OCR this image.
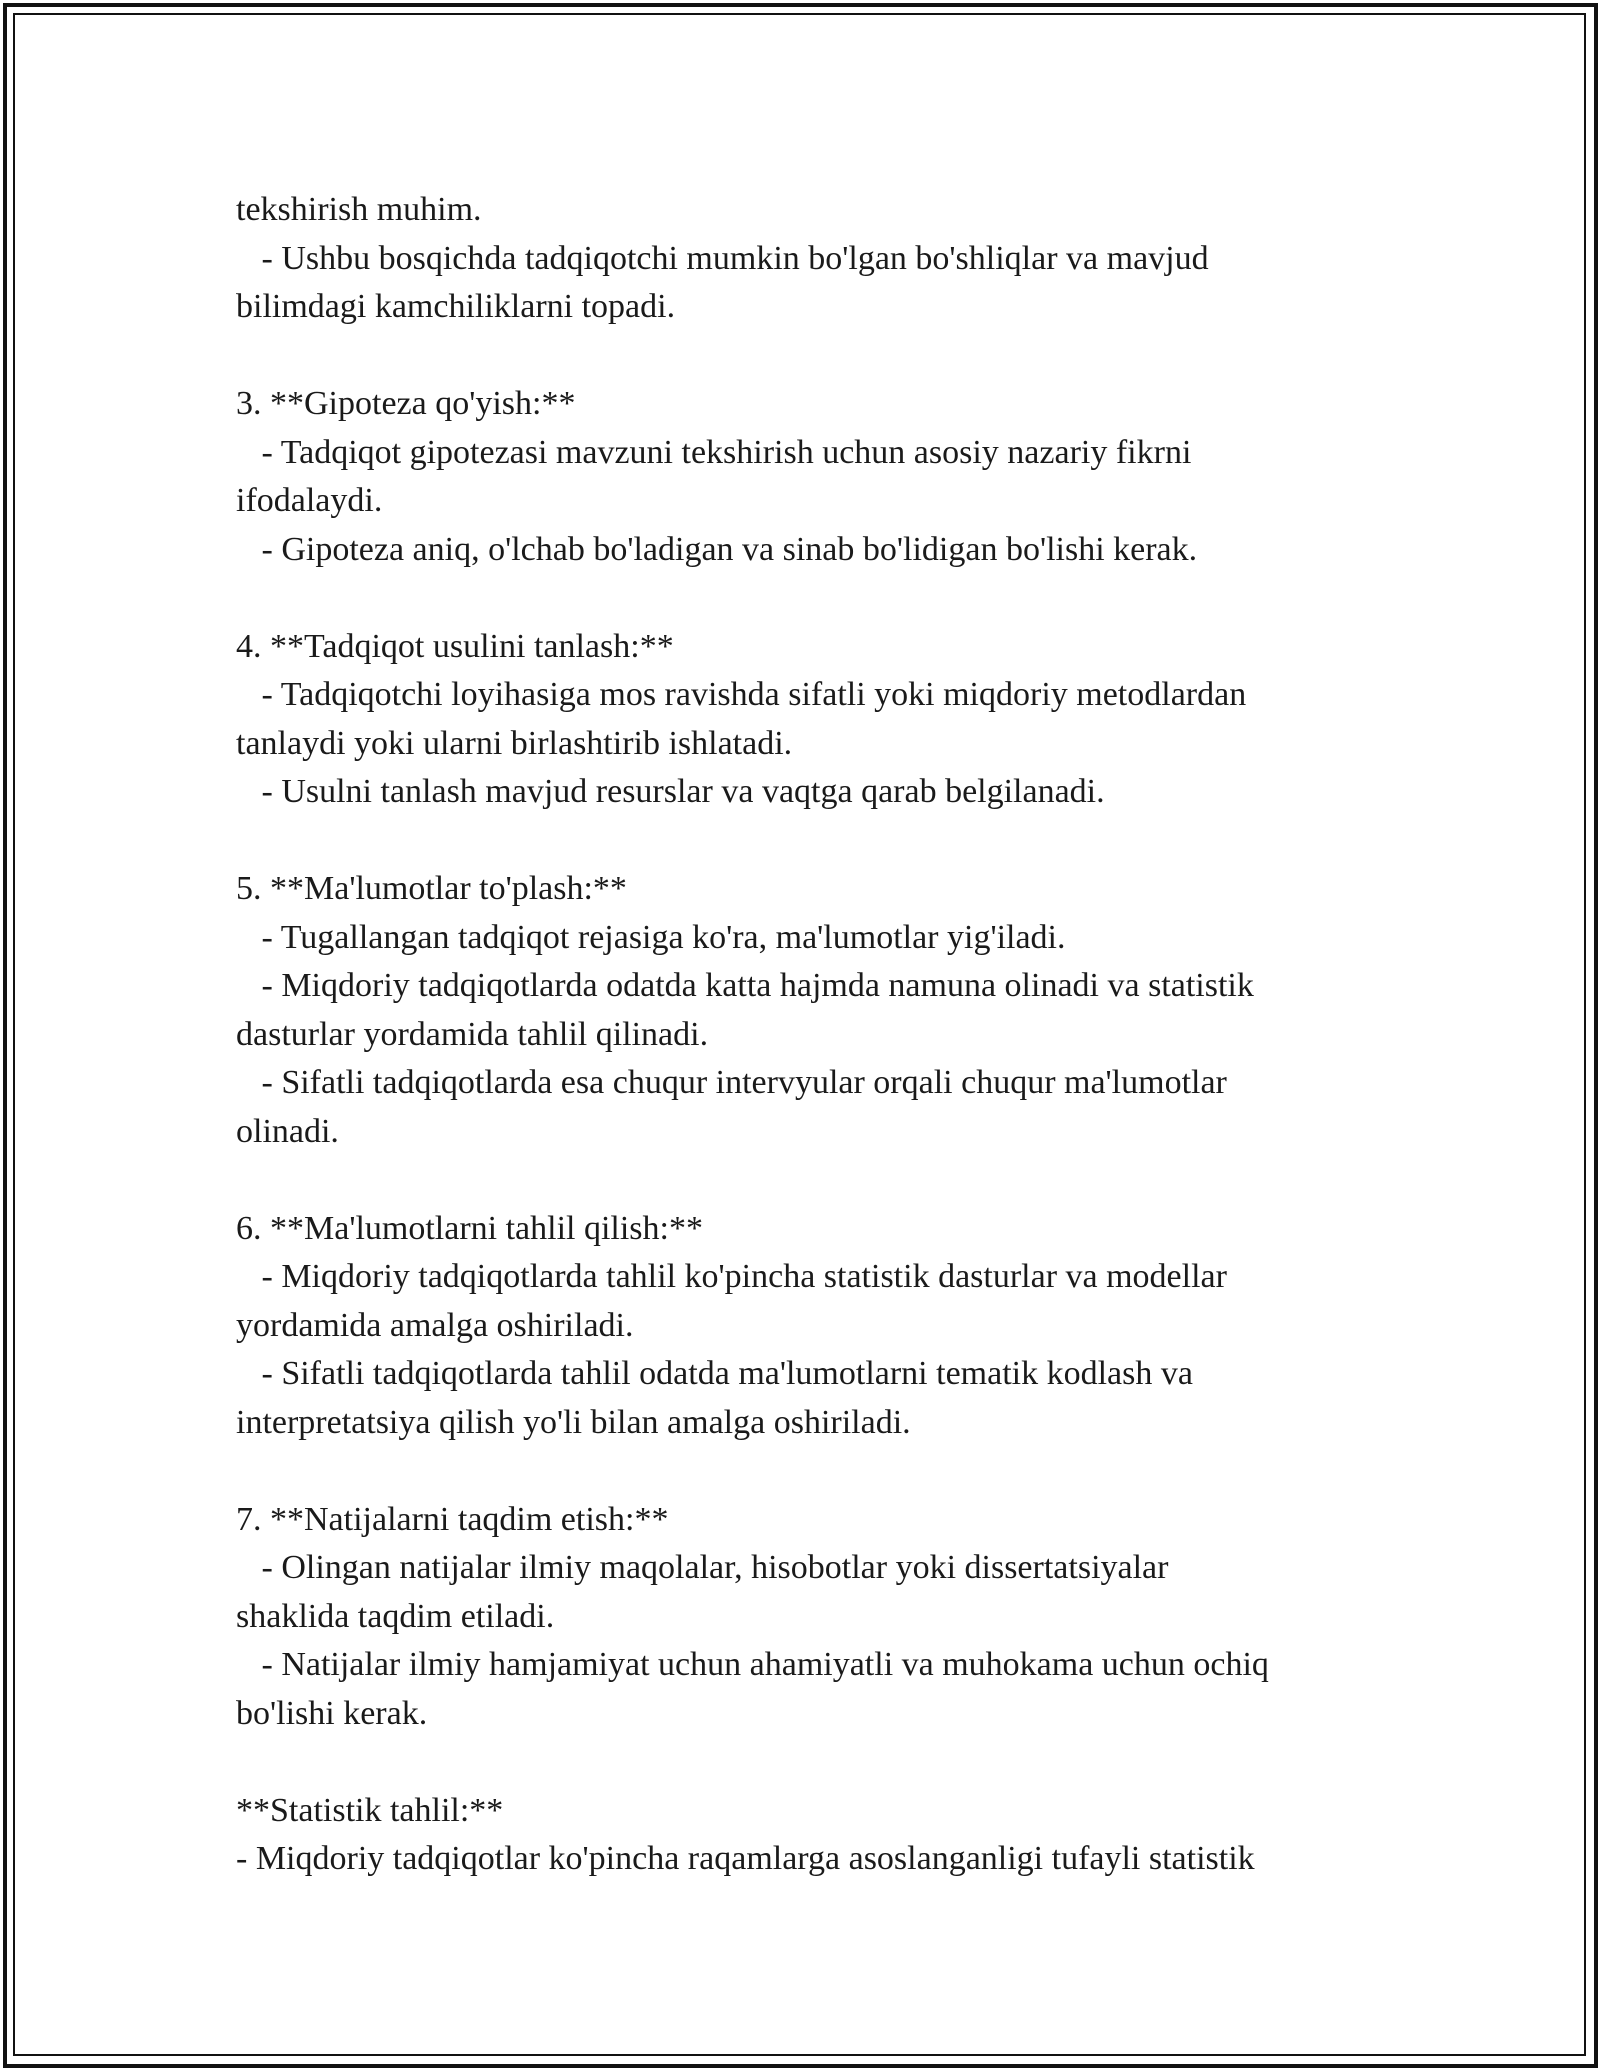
tekshirish muhim.
- Ushbu bosqichda tadqiqotchi mumkin bo'lgan bo'shliqlar va mavjud
bilimdagi kamchiliklarni topadi.
3. **Gipoteza qo'yish:**
- Tadqiqot gipotezasi mavzuni tekshirish uchun asosiy nazariy fikrni
ifodalaydi.
- Gipoteza aniq, o'lchab bo'ladigan va sinab bo'lidigan bo'lishi kerak.
4. **Tadqiqot usulini tanlash:**
- Tadqiqotchi loyihasiga mos ravishda sifatli yoki miqdoriy metodlardan
tanlaydi yoki ularni birlashtirib ishlatadi.
- Usulni tanlash mavjud resurslar va vaqtga qarab belgilanadi.
5. **Ma'lumotlar to'plash:**
- Tugallangan tadqiqot rejasiga ko'ra, ma'lumotlar yig'iladi.
- Miqdoriy tadqiqotlarda odatda katta hajmda namuna olinadi va statistik
dasturlar yordamida tahlil qilinadi.
- Sifatli tadqiqotlarda esa chuqur intervyular orqali chuqur ma'lumotlar
olinadi.
6. **Ma'lumotlarni tahlil qilish:**
- Miqdoriy tadqiqotlarda tahlil ko'pincha statistik dasturlar va modellar
yordamida amalga oshiriladi.
- Sifatli tadqiqotlarda tahlil odatda ma'lumotlarni tematik kodlash va
interpretatsiya qilish yo'li bilan amalga oshiriladi.
7. **Natijalarni taqdim etish:**
- Olingan natijalar ilmiy maqolalar, hisobotlar yoki dissertatsiyalar
shaklida taqdim etiladi.
- Natijalar ilmiy hamjamiyat uchun ahamiyatli va muhokama uchun ochiq
bo'lishi kerak.
**Statistik tahlil:**
- Miqdoriy tadqiqotlar ko'pincha raqamlarga asoslanganligi tufayli statistik
